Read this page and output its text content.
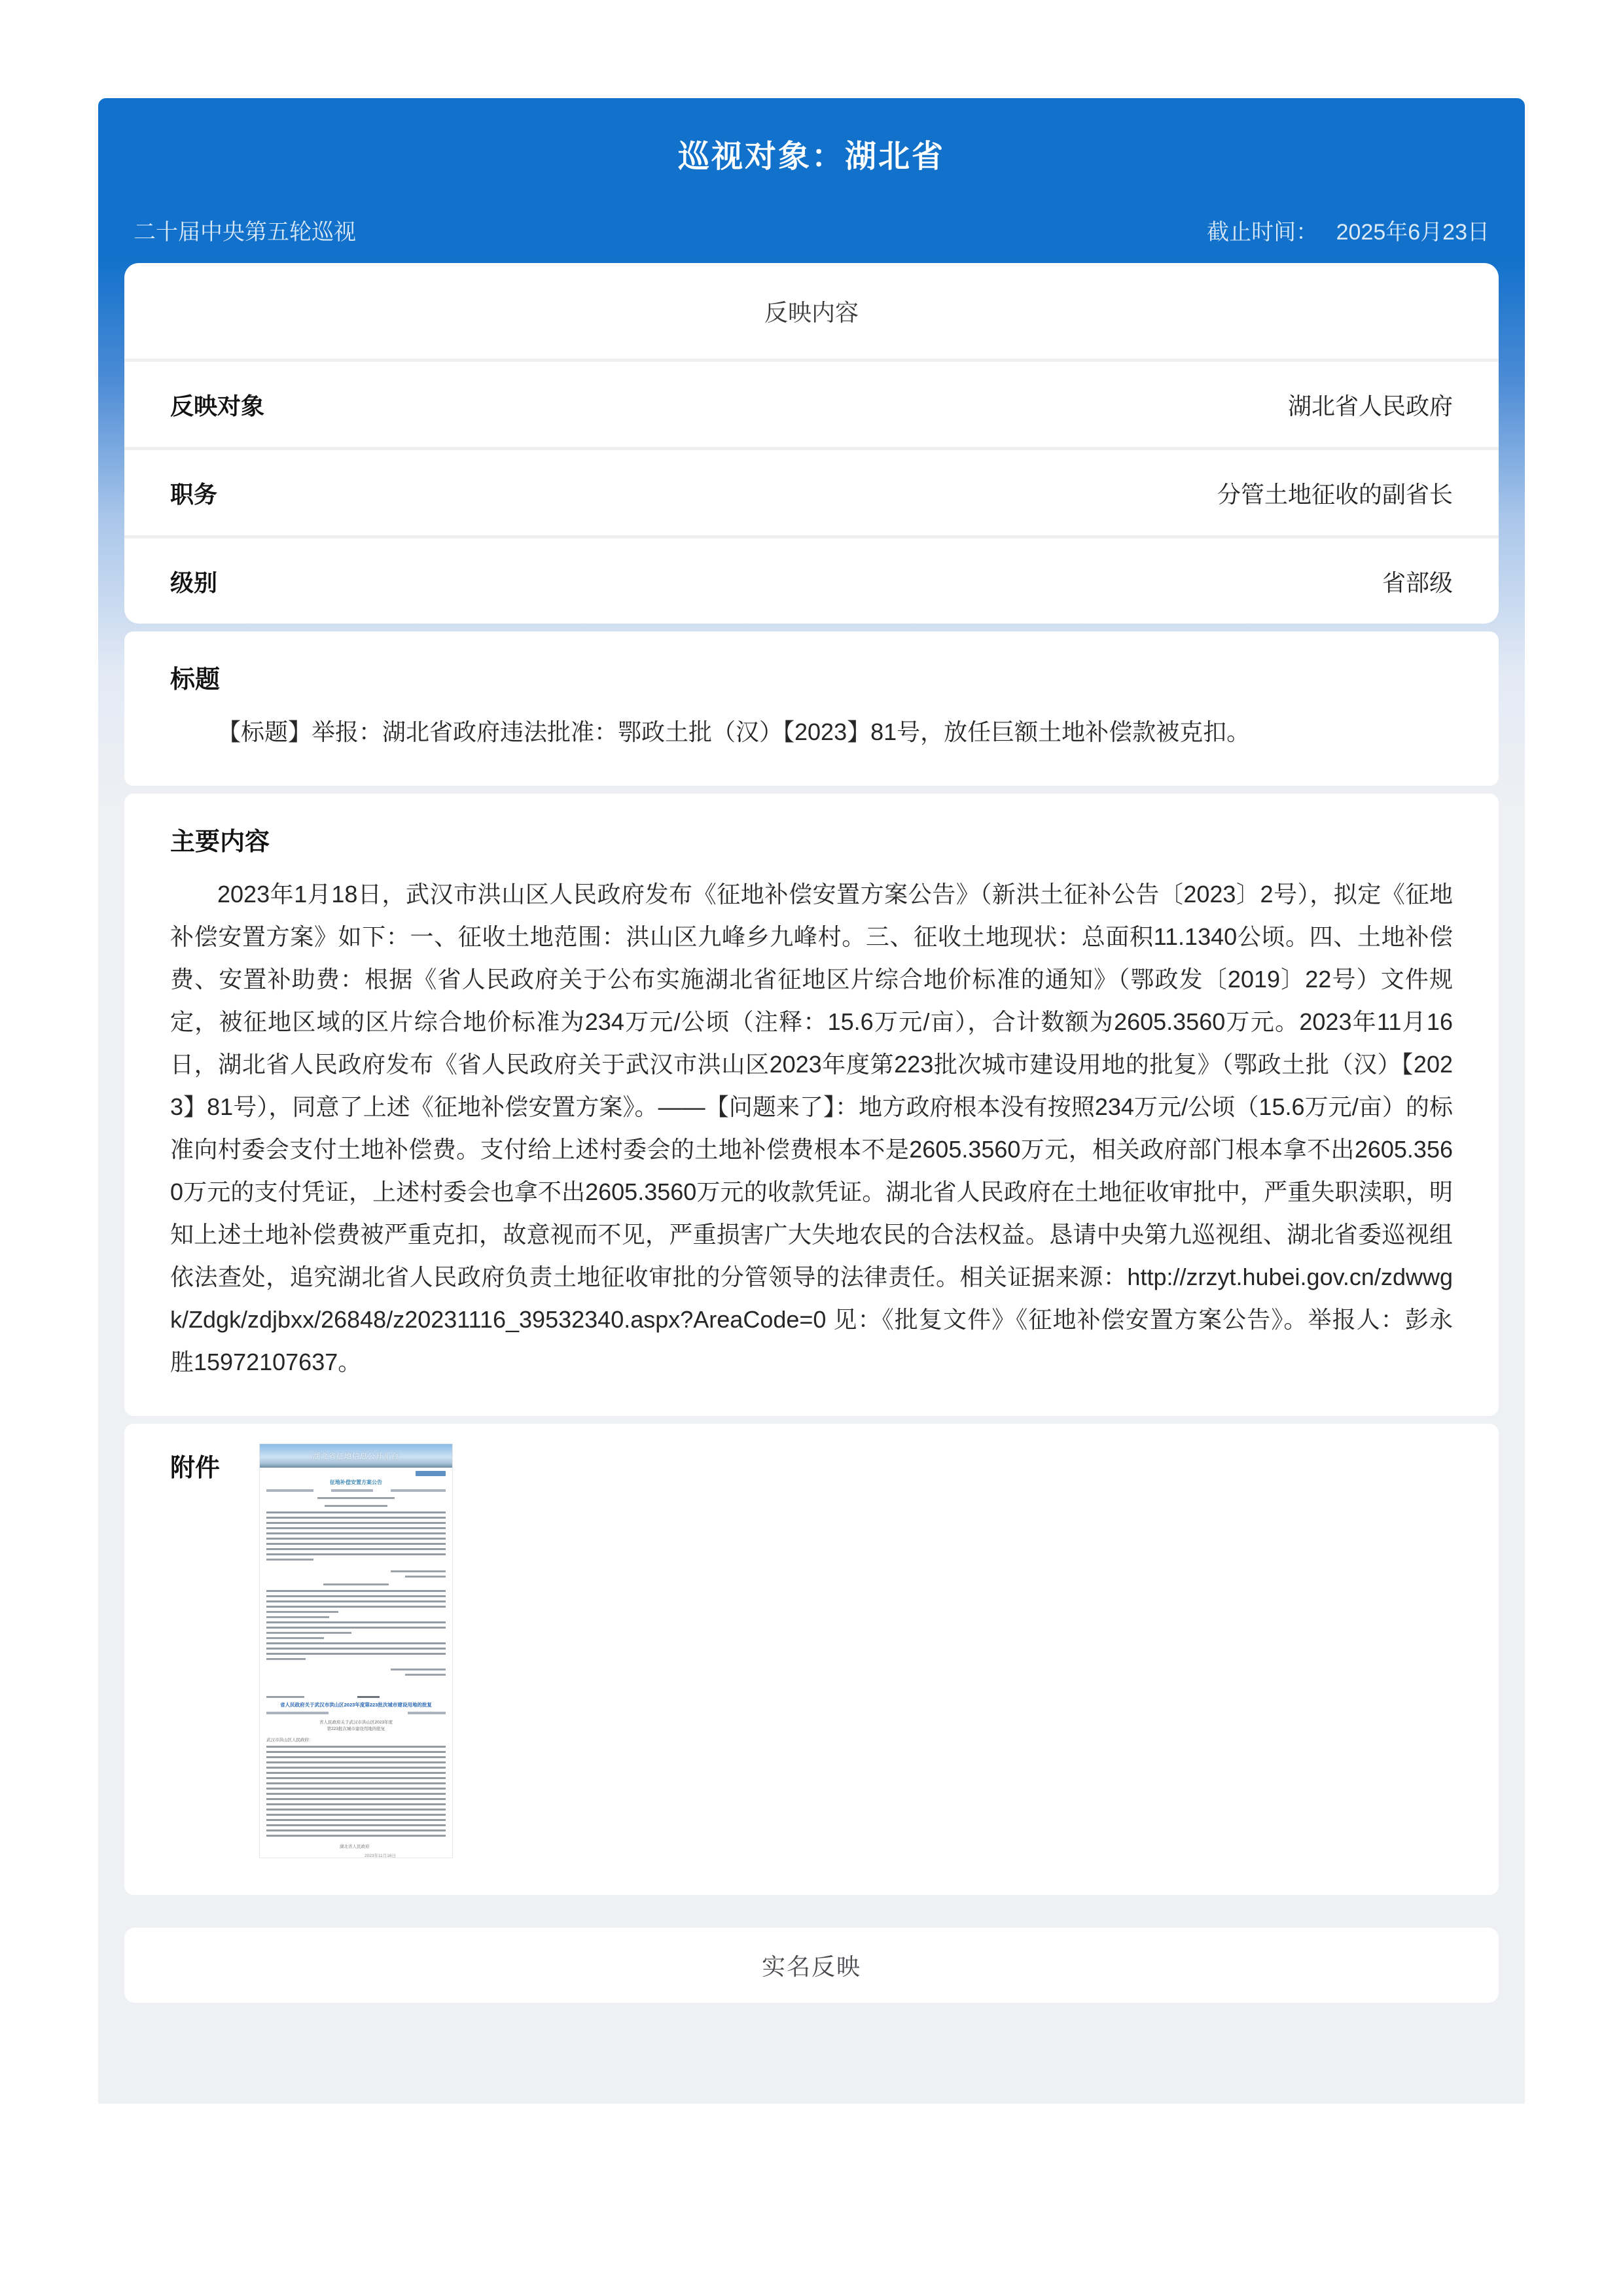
巡视对象：湖北省
二十届中央第五轮巡视	截止时间： 2025年6月23日
反映内容
反映对象	湖北省人民政府
职务	分管土地征收的副省长
级别	省部级
标题
【标题】举报：湖北省政府违法批准：鄂政土批（汉）【2023】81号，放任巨额土地补偿款被克扣。
主要内容
2023年1月18日，武汉市洪山区人民政府发布《征地补偿安置方案公告》（新洪土征补公告〔2023〕2号），拟定《征地补偿安置方案》如下：一、征收土地范围：洪山区九峰乡九峰村。三、征收土地现状：总面积11.1340公顷。四、土地补偿费、安置补助费：根据《省人民政府关于公布实施湖北省征地区片综合地价标准的通知》（鄂政发〔2019〕22号）文件规定，被征地区域的区片综合地价标准为234万元/公顷（注释：15.6万元/亩），合计数额为2605.3560万元。2023年11月16日，湖北省人民政府发布《省人民政府关于武汉市洪山区2023年度第223批次城市建设用地的批复》（鄂政土批（汉）【2023】81号），同意了上述《征地补偿安置方案》。——【问题来了】：地方政府根本没有按照234万元/公顷（15.6万元/亩）的标准向村委会支付土地补偿费。支付给上述村委会的土地补偿费根本不是2605.3560万元，相关政府部门根本拿不出2605.3560万元的支付凭证，上述村委会也拿不出2605.3560万元的收款凭证。湖北省人民政府在土地征收审批中，严重失职渎职，明知上述土地补偿费被严重克扣，故意视而不见，严重损害广大失地农民的合法权益。恳请中央第九巡视组、湖北省委巡视组依法查处，追究湖北省人民政府负责土地征收审批的分管领导的法律责任。相关证据来源：http://zrzyt.hubei.gov.cn/zdwwgk/Zdgk/zdjbxx/26848/z20231116_39532340.aspx?AreaCode=0 见：《批复文件》《征地补偿安置方案公告》。举报人：彭永胜15972107637。
附件	湖北省征地信息公开平台
征地补偿安置方案公告
省人民政府关于武汉市洪山区2023年度第223批次城市建设用地的批复
省人民政府关于武汉市洪山区2023年度
第223批次城市建设用地的批复
武汉市洪山区人民政府：
湖北省人民政府
2023年11月16日
实名反映
